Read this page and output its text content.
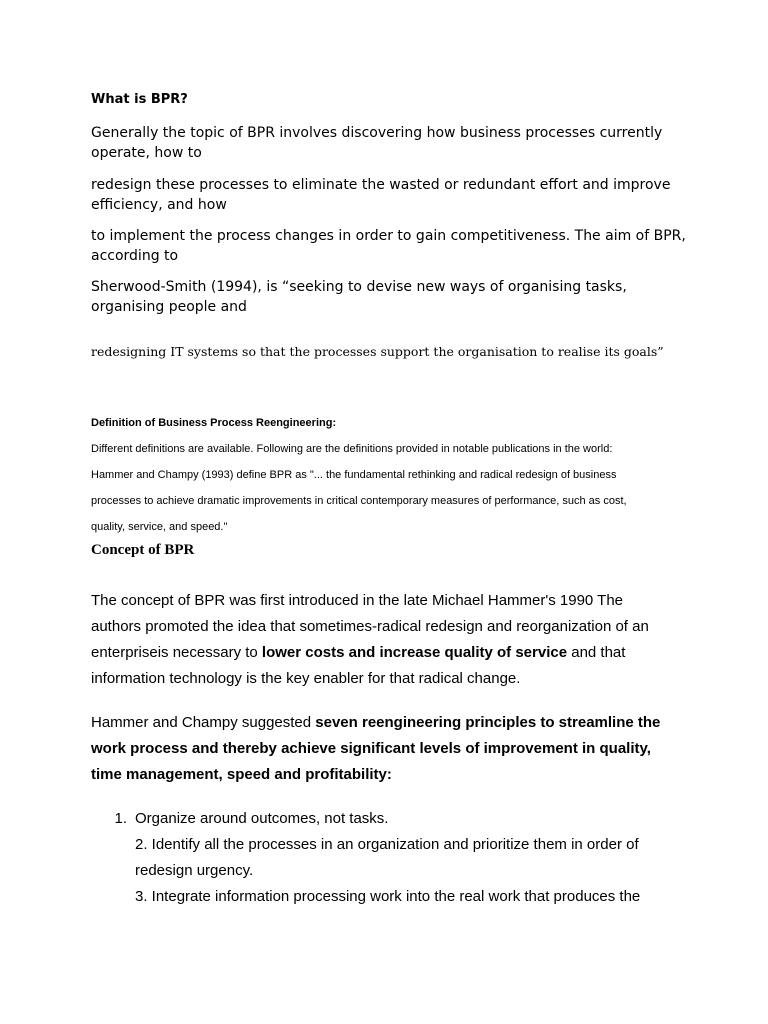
What is BPR?

Generally the topic of BPR involves discovering how business processes currently operate, how to

redesign these processes to eliminate the wasted or redundant effort and improve efficiency, and how

to implement the process changes in order to gain competitiveness. The aim of BPR, according to

Sherwood-Smith (1994), is “seeking to devise new ways of organising tasks, organising people and

redesigning IT systems so that the processes support the organisation to realise its goals”

Definition of Business Process Reengineering:

Different definitions are available. Following are the definitions provided in notable publications in the world:

Hammer and Champy (1993) define BPR as "... the fundamental rethinking and radical redesign of business

processes to achieve dramatic improvements in critical contemporary measures of performance, such as cost,

quality, service, and speed."

Concept of BPR

The concept of BPR was first introduced in the late Michael Hammer's 1990 The authors promoted the idea that sometimes-radical redesign and reorganization of an enterpriseis necessary to lower costs and increase quality of service and that information technology is the key enabler for that radical change.

Hammer and Champy suggested seven reengineering principles to streamline the work process and thereby achieve significant levels of improvement in quality, time management, speed and profitability:

1. Organize around outcomes, not tasks.
2. Identify all the processes in an organization and prioritize them in order of redesign urgency.
3. Integrate information processing work into the real work that produces the
